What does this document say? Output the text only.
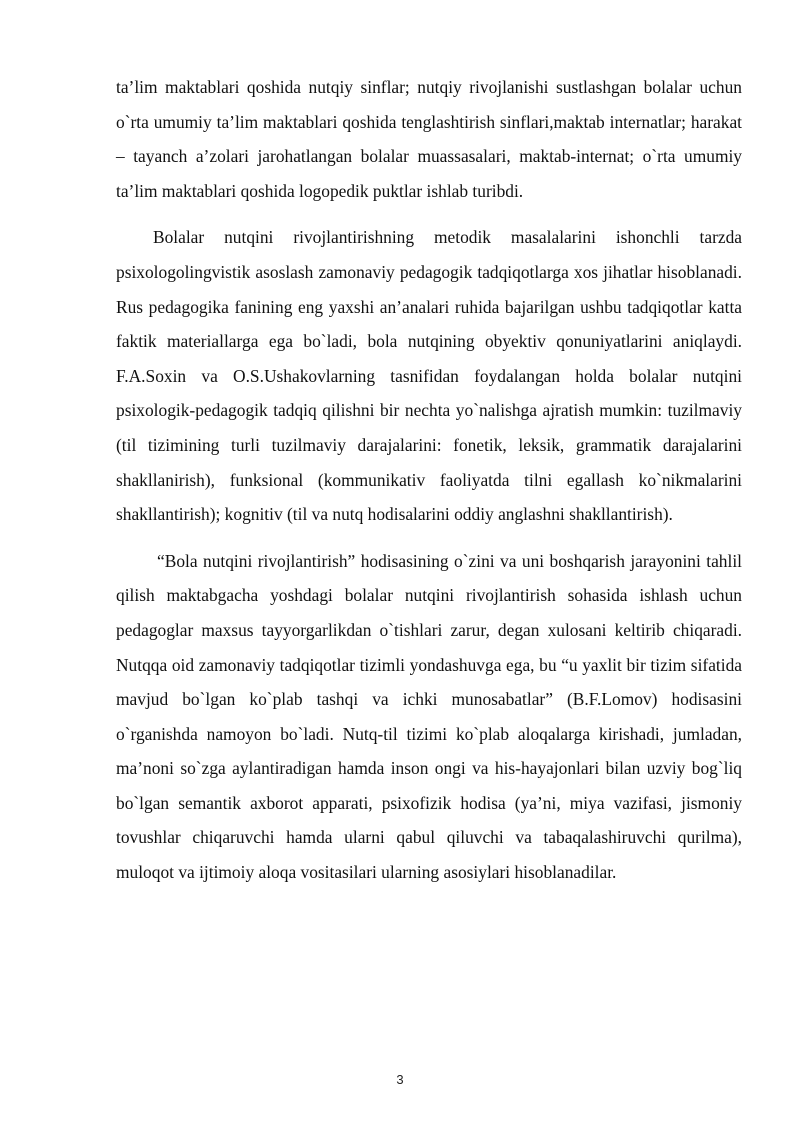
ta’lim maktablari qoshida nutqiy sinflar; nutqiy rivojlanishi sustlashgan bolalar uchun o`rta umumiy ta’lim maktablari qoshida tenglashtirish sinflari,maktab internatlar; harakat – tayanch a’zolari jarohatlangan bolalar muassasalari, maktab-internat; o`rta umumiy ta’lim maktablari qoshida logopedik puktlar ishlab turibdi.

Bolalar nutqini rivojlantirishning metodik masalalarini ishonchli tarzda psixologolingvistik asoslash zamonaviy pedagogik tadqiqotlarga xos jihatlar hisoblanadi. Rus pedagogika fanining eng yaxshi an’analari ruhida bajarilgan ushbu tadqiqotlar katta faktik materiallarga ega bo`ladi, bola nutqining obyektiv qonuniyatlarini aniqlaydi. F.A.Soxin va O.S.Ushakovlarning tasnifidan foydalangan holda bolalar nutqini psixologik-pedagogik tadqiq qilishni bir nechta yo`nalishga ajratish mumkin: tuzilmaviy (til tizimining turli tuzilmaviy darajalarini: fonetik, leksik, grammatik darajalarini shakllanirish), funksional (kommunikativ faoliyatda tilni egallash ko`nikmalarini shakllantirish); kognitiv (til va nutq hodisalarini oddiy anglashni shakllantirish).

“Bola nutqini rivojlantirish” hodisasining o`zini va uni boshqarish jarayonini tahlil qilish maktabgacha yoshdagi bolalar nutqini rivojlantirish sohasida ishlash uchun pedagoglar maxsus tayyorgarlikdan o`tishlari zarur, degan xulosani keltirib chiqaradi. Nutqqa oid zamonaviy tadqiqotlar tizimli yondashuvga ega, bu “u yaxlit bir tizim sifatida mavjud bo`lgan ko`plab tashqi va ichki munosabatlar” (B.F.Lomov) hodisasini o`rganishda namoyon bo`ladi. Nutq-til tizimi ko`plab aloqalarga kirishadi, jumladan, ma’noni so`zga aylantiradigan hamda inson ongi va his-hayajonlari bilan uzviy bog`liq bo`lgan semantik axborot apparati, psixofizik hodisa (ya’ni, miya vazifasi, jismoniy tovushlar chiqaruvchi hamda ularni qabul qiluvchi va tabaqalashiruvchi qurilma), muloqot va ijtimoiy aloqa vositasilari ularning asosiylari hisoblanadilar.

3
